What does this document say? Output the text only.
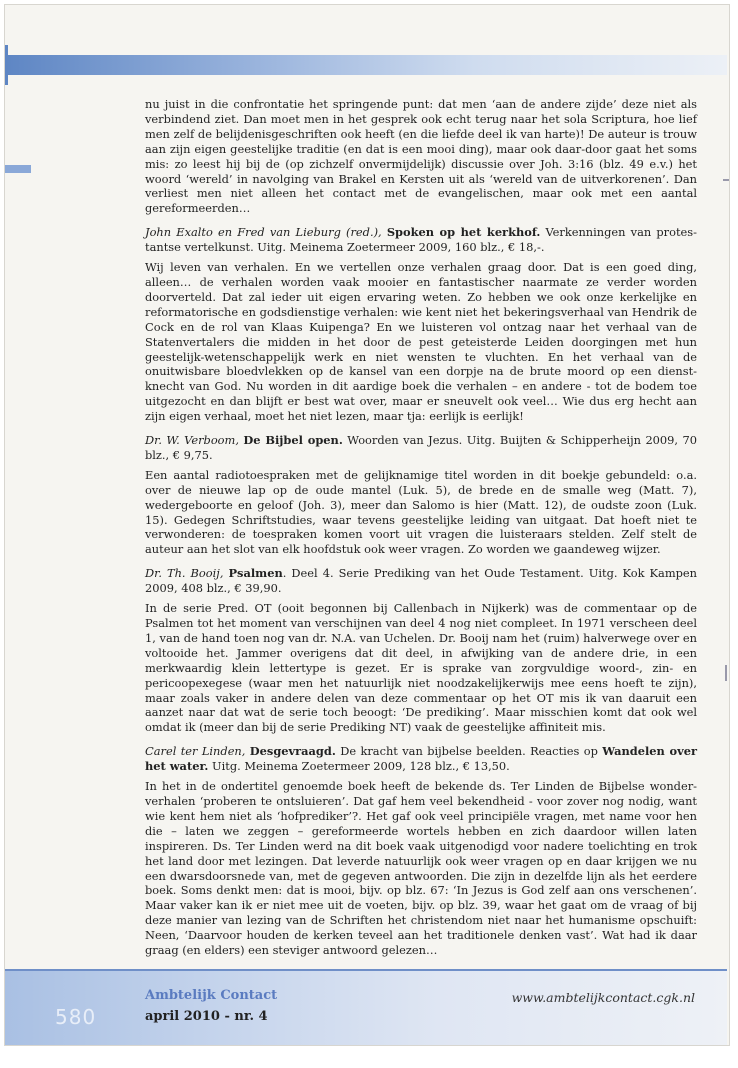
nu juist in die confrontatie het springende punt: dat men ‘aan de andere zijde’ deze niet als verbindend ziet. Dan moet men in het gesprek ook echt terug naar het sola Scriptura, hoe lief men zelf de belijdenisgeschriften ook heeft (en die liefde deel ik van harte)! De auteur is trouw aan zijn eigen geestelijke traditie (en dat is een mooi ding), maar ook daar-door gaat het soms mis: zo leest hij bij de (op zichzelf onvermijdelijk) discussie over Joh. 3:16 (blz. 49 e.v.) het woord ‘wereld’ in navolging van Brakel en Kersten uit als ‘wereld van de uitverkorenen’. Dan verliest men niet alleen het contact met de evangelischen, maar ook met een aantal gereformeerden…

John Exalto en Fred van Lieburg (red.), Spoken op het kerkhof. Verkenningen van protes-tantse vertelkunst. Uitg. Meinema Zoetermeer 2009, 160 blz., € 18,-.

Wij leven van verhalen. En we vertellen onze verhalen graag door. Dat is een goed ding, alleen… de verhalen worden vaak mooier en fantastischer naarmate ze verder worden doorverteld. Dat zal ieder uit eigen ervaring weten. Zo hebben we ook onze kerkelijke en reformatorische en godsdienstige verhalen: wie kent niet het bekeringsverhaal van Hendrik de Cock en de rol van Klaas Kuipenga? En we luisteren vol ontzag naar het verhaal van de Statenvertalers die midden in het door de pest geteisterde Leiden doorgingen met hun geestelijk-wetenschappelijk werk en niet wensten te vluchten. En het verhaal van de onuitwisbare bloedvlekken op de kansel van een dorpje na de brute moord op een dienst-knecht van God. Nu worden in dit aardige boek die verhalen – en andere - tot de bodem toe uitgezocht en dan blijft er best wat over, maar er sneuvelt ook veel… Wie dus erg hecht aan zijn eigen verhaal, moet het niet lezen, maar tja: eerlijk is eerlijk!

Dr. W. Verboom, De Bijbel open. Woorden van Jezus. Uitg. Buijten & Schipperheijn 2009, 70 blz., € 9,75.

Een aantal radiotoespraken met de gelijknamige titel worden in dit boekje gebundeld: o.a. over de nieuwe lap op de oude mantel (Luk. 5), de brede en de smalle weg (Matt. 7), wedergeboorte en geloof (Joh. 3), meer dan Salomo is hier (Matt. 12), de oudste zoon (Luk. 15). Gedegen Schriftstudies, waar tevens geestelijke leiding van uitgaat. Dat hoeft niet te verwonderen: de toespraken komen voort uit vragen die luisteraars stelden. Zelf stelt de auteur aan het slot van elk hoofdstuk ook weer vragen. Zo worden we gaandeweg wijzer.

Dr. Th. Booij, Psalmen. Deel 4. Serie Prediking van het Oude Testament. Uitg. Kok Kampen 2009, 408 blz., € 39,90.

In de serie Pred. OT (ooit begonnen bij Callenbach in Nijkerk) was de commentaar op de Psalmen tot het moment van verschijnen van deel 4 nog niet compleet. In 1971 verscheen deel 1, van de hand toen nog van dr. N.A. van Uchelen. Dr. Booij nam het (ruim) halverwege over en voltooide het. Jammer overigens dat dit deel, in afwijking van de andere drie, in een merkwaardig klein lettertype is gezet. Er is sprake van zorgvuldige woord-, zin- en pericoopexegese (waar men het natuurlijk niet noodzakelijkerwijs mee eens hoeft te zijn), maar zoals vaker in andere delen van deze commentaar op het OT mis ik van daaruit een aanzet naar dat wat de serie toch beoogt: ‘De prediking’. Maar misschien komt dat ook wel omdat ik (meer dan bij de serie Prediking NT) vaak de geestelijke affiniteit mis.

Carel ter Linden, Desgevraagd. De kracht van bijbelse beelden. Reacties op Wandelen over het water. Uitg. Meinema Zoetermeer 2009, 128 blz., € 13,50.

In het in de ondertitel genoemde boek heeft de bekende ds. Ter Linden de Bijbelse wonder-verhalen ‘proberen te ontsluieren’. Dat gaf hem veel bekendheid - voor zover nog nodig, want wie kent hem niet als ‘hofprediker’?. Het gaf ook veel principiële vragen, met name voor hen die – laten we zeggen – gereformeerde wortels hebben en zich daardoor willen laten inspireren. Ds. Ter Linden werd na dit boek vaak uitgenodigd voor nadere toelichting en trok het land door met lezingen. Dat leverde natuurlijk ook weer vragen op en daar krijgen we nu een dwarsdoorsnede van, met de gegeven antwoorden. Die zijn in dezelfde lijn als het eerdere boek. Soms denkt men: dat is mooi, bijv. op blz. 67: ‘In Jezus is God zelf aan ons verschenen’. Maar vaker kan ik er niet mee uit de voeten, bijv. op blz. 39, waar het gaat om de vraag of bij deze manier van lezing van de Schriften het christendom niet naar het humanisme opschuift: Neen, ‘Daarvoor houden de kerken teveel aan het traditionele denken vast’. Wat had ik daar graag (en elders) een steviger antwoord gelezen…

580
Ambtelijk Contact
april 2010 - nr. 4
www.ambtelijkcontact.cgk.nl
